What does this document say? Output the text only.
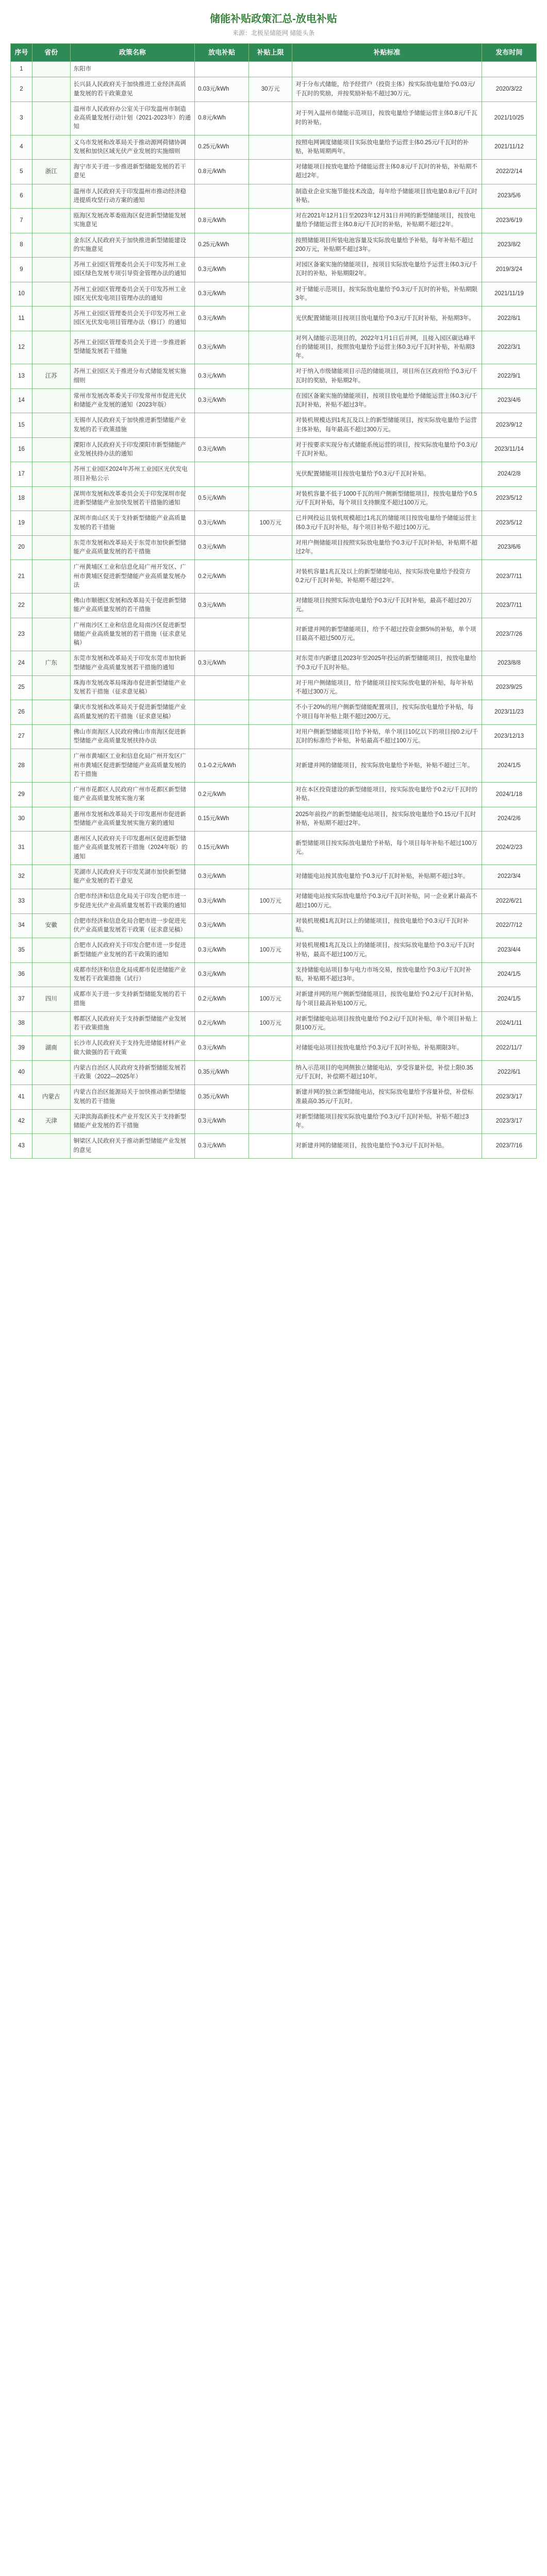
储能补贴政策汇总-放电补贴
来源：北极星储能网 储能头条
序号	省份	政策名称	放电补贴	补贴上限	补贴标准	发布时间
1		东阳市				
2		长兴县人民政府关于加快推进工业经济高质量发展的若干政策意见	0.03元/kWh	30万元	对于分布式储能，给予经营户（投资主体）按实际放电量给予0.03元/千瓦时的奖励，并按奖励补贴不超过30万元。	2020/3/22
3		温州市人民政府办公室关于印发温州市制造业高质量发展行动计划（2021-2023年）的通知	0.8元/kWh		对于列入温州市储能示范项目，按放电量给予储能运营主体0.8元/千瓦时的补贴。	2021/10/25
4		义乌市发展和改革局关于推动源网荷储协调发展和加快区域光伏产业发展的实施细则	0.25元/kWh		按照电网调度储能项目实际放电量给予运营主体0.25元/千瓦时的补贴，补贴周期两年。	2021/11/12
5	浙江	海宁市关于进一步推进新型储能发展的若干意见	0.8元/kWh		对储能项目按放电量给予储能运营主体0.8元/千瓦时的补贴，补贴期不超过2年。	2022/2/14
6		温州市人民政府关于印发温州市推动经济稳进提质攻坚行动方案的通知			制造业企业实施节能技术改造，每年给予储能项目放电量0.8元/千瓦时补贴。	2023/5/6
7		瓯海区发展改革委瓯海区促进新型储能发展实施意见	0.8元/kWh		对在2021年12月1日至2023年12月31日并网的新型储能项目，按放电量给予储能运营主体0.8元/千瓦时的补贴，补贴期不超过2年。	2023/6/19
8		金东区人民政府关于加快推进新型储能建设的实施意见	0.25元/kWh		按照储能项目所装电池容量及实际放电量给予补贴，每年补贴不超过200万元，补贴期不超过3年。	2023/8/2
9		苏州工业园区管理委员会关于印发苏州工业园区绿色发展专项引导资金管理办法的通知	0.3元/kWh		对园区备案实施的储能项目，按项目实际放电量给予运营主体0.3元/千瓦时的补贴，补贴期限2年。	2019/3/24
10		苏州工业园区管理委员会关于印发苏州工业园区光伏发电项目管理办法的通知	0.3元/kWh		对于储能示范项目，按实际放电量给予0.3元/千瓦时的补贴，补贴期限3年。	2021/11/19
11		苏州工业园区管理委员会关于印发苏州工业园区光伏发电项目管理办法（修订）的通知	0.3元/kWh		光伏配置储能项目按项目放电量给予0.3元/千瓦时补贴，补贴期3年。	2022/8/1
12		苏州工业园区管理委员会关于进一步推进新型储能发展若干措施	0.3元/kWh		对列入储能示范项目的，2022年1月1日后并网，且接入园区碳达峰平台的储能项目，按照放电量给予运营主体0.3元/千瓦时补贴，补贴期3年。	2022/3/1
13	江苏	苏州工业园区关于推进分布式储能发展实施细则	0.3元/kWh		对于纳入市级储能项目示范的储能项目，项目所在区政府给予0.3元/千瓦时的奖励，补贴期2年。	2022/9/1
14		常州市发展改革委关于印发常州市促进光伏和储能产业发展的通知（2023年版）	0.3元/kWh		在园区备案实施的储能项目，按项目放电量给予储能运营主体0.3元/千瓦时补贴，补贴不超过3年。	2023/4/6
15		无锡市人民政府关于加快推进新型储能产业发展的若干政策措施			对装机规模达到1兆瓦及以上的新型储能项目，按实际放电量给予运营主体补贴，每年最高不超过300万元。	2023/9/12
16		溧阳市人民政府关于印发溧阳市新型储能产业发展扶持办法的通知	0.3元/kWh		对于按要求实现分布式储能系统运营的项目，按实际放电量给予0.3元/千瓦时补贴。	2023/11/14
17		苏州工业园区2024年苏州工业园区光伏发电项目补贴公示			光伏配置储能项目按放电量给予0.3元/千瓦时补贴。	2024/2/8
18		深圳市发展和改革委员会关于印发深圳市促进新型储能产业加快发展若干措施的通知	0.5元/kWh		对装机容量不低于1000千瓦的用户侧新型储能项目，按放电量给予0.5元/千瓦时补贴，每个项目支持额度不超过100万元。	2023/5/12
19		深圳市南山区关于支持新型储能产业高质量发展的若干措施	0.3元/kWh	100万元	已并网投运且装机规模超过1兆瓦的储能项目按放电量给予储能运营主体0.3元/千瓦时补贴，每个项目补贴不超过100万元。	2023/5/12
20		东莞市发展和改革局关于东莞市加快新型储能产业高质量发展的若干措施	0.3元/kWh		对用户侧储能项目按照实际放电量给予0.3元/千瓦时补贴，补贴期不超过2年。	2023/6/6
21		广州黄埔区工业和信息化局广州开发区、广州市黄埔区促进新型储能产业高质量发展办法	0.2元/kWh		对装机容量1兆瓦及以上的新型储能电站，按实际放电量给予投资方0.2元/千瓦时补贴，补贴期不超过2年。	2023/7/11
22		佛山市顺德区发展和改革局关于促进新型储能产业高质量发展的若干措施	0.3元/kWh		对储能项目按照实际放电量给予0.3元/千瓦时补贴，最高不超过20万元。	2023/7/11
23		广州南沙区工业和信息化局南沙区促进新型储能产业高质量发展的若干措施（征求意见稿）			对新建并网的新型储能项目，给予不超过投资金额5%的补贴，单个项目最高不超过500万元。	2023/7/26
24	广东	东莞市发展和改革局关于印发东莞市加快新型储能产业高质量发展若干措施的通知	0.3元/kWh		对东莞市内新建且2023年至2025年投运的新型储能项目，按放电量给予0.3元/千瓦时补贴。	2023/8/8
25		珠海市发展改革局珠海市促进新型储能产业发展若干措施（征求意见稿）			对于用户侧储能项目，给予储能项目按实际放电量的补贴，每年补贴不超过300万元。	2023/9/25
26		肇庆市发展和改革局关于促进新型储能产业高质量发展的若干措施（征求意见稿）			不小于20%的用户侧新型储能配置项目，按实际放电量给予补贴，每个项目每年补贴上限不超过200万元。	2023/11/23
27		佛山市南海区人民政府佛山市南海区促进新型储能产业高质量发展扶持办法			对用户侧新型储能项目给予补贴，单个项目10亿以下的项目按0.2元/千瓦时的标准给予补贴，补贴最高不超过100万元。	2023/12/13
28		广州市黄埔区工业和信息化局广州开发区广州市黄埔区促进新型储能产业高质量发展的若干措施	0.1-0.2元/kWh		对新建并网的储能项目，按实际放电量给予补贴，补贴不超过三年。	2024/1/5
29		广州市花都区人民政府广州市花都区新型储能产业高质量发展实施方案	0.2元/kWh		对在本区投资建设的新型储能项目，按实际放电量给予0.2元/千瓦时的补贴。	2024/1/18
30		惠州市发展和改革局关于印发惠州市促进新型储能产业高质量发展实施方案的通知	0.15元/kWh		2025年前投产的新型储能电站项目，按实际放电量给予0.15元/千瓦时补贴，补贴期不超过2年。	2024/2/6
31		惠州区人民政府关于印发惠州区促进新型储能产业高质量发展若干措施（2024年版）的通知	0.15元/kWh		新型储能项目按实际放电量给予补贴，每个项目每年补贴不超过100万元。	2024/2/23
32		芜湖市人民政府关于印发芜湖市加快新型储能产业发展的若干意见	0.3元/kWh		对储能电站按其放电量给予0.3元/千瓦时补贴，补贴期不超过3年。	2022/3/4
33		合肥市经济和信息化局关于印发合肥市进一步促进光伏产业高质量发展若干政策的通知	0.3元/kWh	100万元	对储能电站按实际放电量给予0.3元/千瓦时补贴，同一企业累计最高不超过100万元。	2022/6/21
34	安徽	合肥市经济和信息化局合肥市进一步促进光伏产业高质量发展若干政策（征求意见稿）	0.3元/kWh		对装机规模1兆瓦时以上的储能项目，按放电量给予0.3元/千瓦时补贴。	2022/7/12
35		合肥市人民政府关于印发合肥市进一步促进新型储能产业发展的若干政策的通知	0.3元/kWh	100万元	对装机规模1兆瓦及以上的储能项目，按实际放电量给予0.3元/千瓦时补贴，最高不超过100万元。	2023/4/4
36		成都市经济和信息化局成都市促进储能产业发展若干政策措施（试行）	0.3元/kWh		支持储能电站项目参与电力市场交易，按放电量给予0.3元/千瓦时补贴，补贴期不超过3年。	2024/1/5
37	四川	成都市关于进一步支持新型储能发展的若干措施	0.2元/kWh	100万元	对新建并网的用户侧新型储能项目，按放电量给予0.2元/千瓦时补贴，每个项目最高补贴100万元。	2024/1/5
38		郫都区人民政府关于支持新型储能产业发展若干政策措施	0.2元/kWh	100万元	对新型储能电站项目按放电量给予0.2元/千瓦时补贴，单个项目补贴上限100万元。	2024/1/11
39	湖南	长沙市人民政府关于支持先进储能材料产业做大做强的若干政策	0.3元/kWh		对储能电站项目按放电量给予0.3元/千瓦时补贴，补贴期限3年。	2022/11/7
40		内蒙古自治区人民政府支持新型储能发展若干政策（2022—2025年）	0.35元/kWh		纳入示范项目的电网侧独立储能电站，享受容量补偿，补偿上限0.35元/千瓦时，补偿期不超过10年。	2022/6/1
41	内蒙古	内蒙古自治区能源局关于加快推动新型储能发展的若干措施	0.35元/kWh		新建并网的独立新型储能电站，按实际放电量给予容量补偿，补偿标准最高0.35元/千瓦时。	2023/3/17
42	天津	天津滨海高新技术产业开发区关于支持新型储能产业发展的若干措施	0.3元/kWh		对新型储能项目按实际放电量给予0.3元/千瓦时补贴，补贴不超过3年。	2023/3/17
43		铜梁区人民政府关于推动新型储能产业发展的意见	0.3元/kWh		对新建并网的储能项目，按放电量给予0.3元/千瓦时补贴。	2023/7/16
